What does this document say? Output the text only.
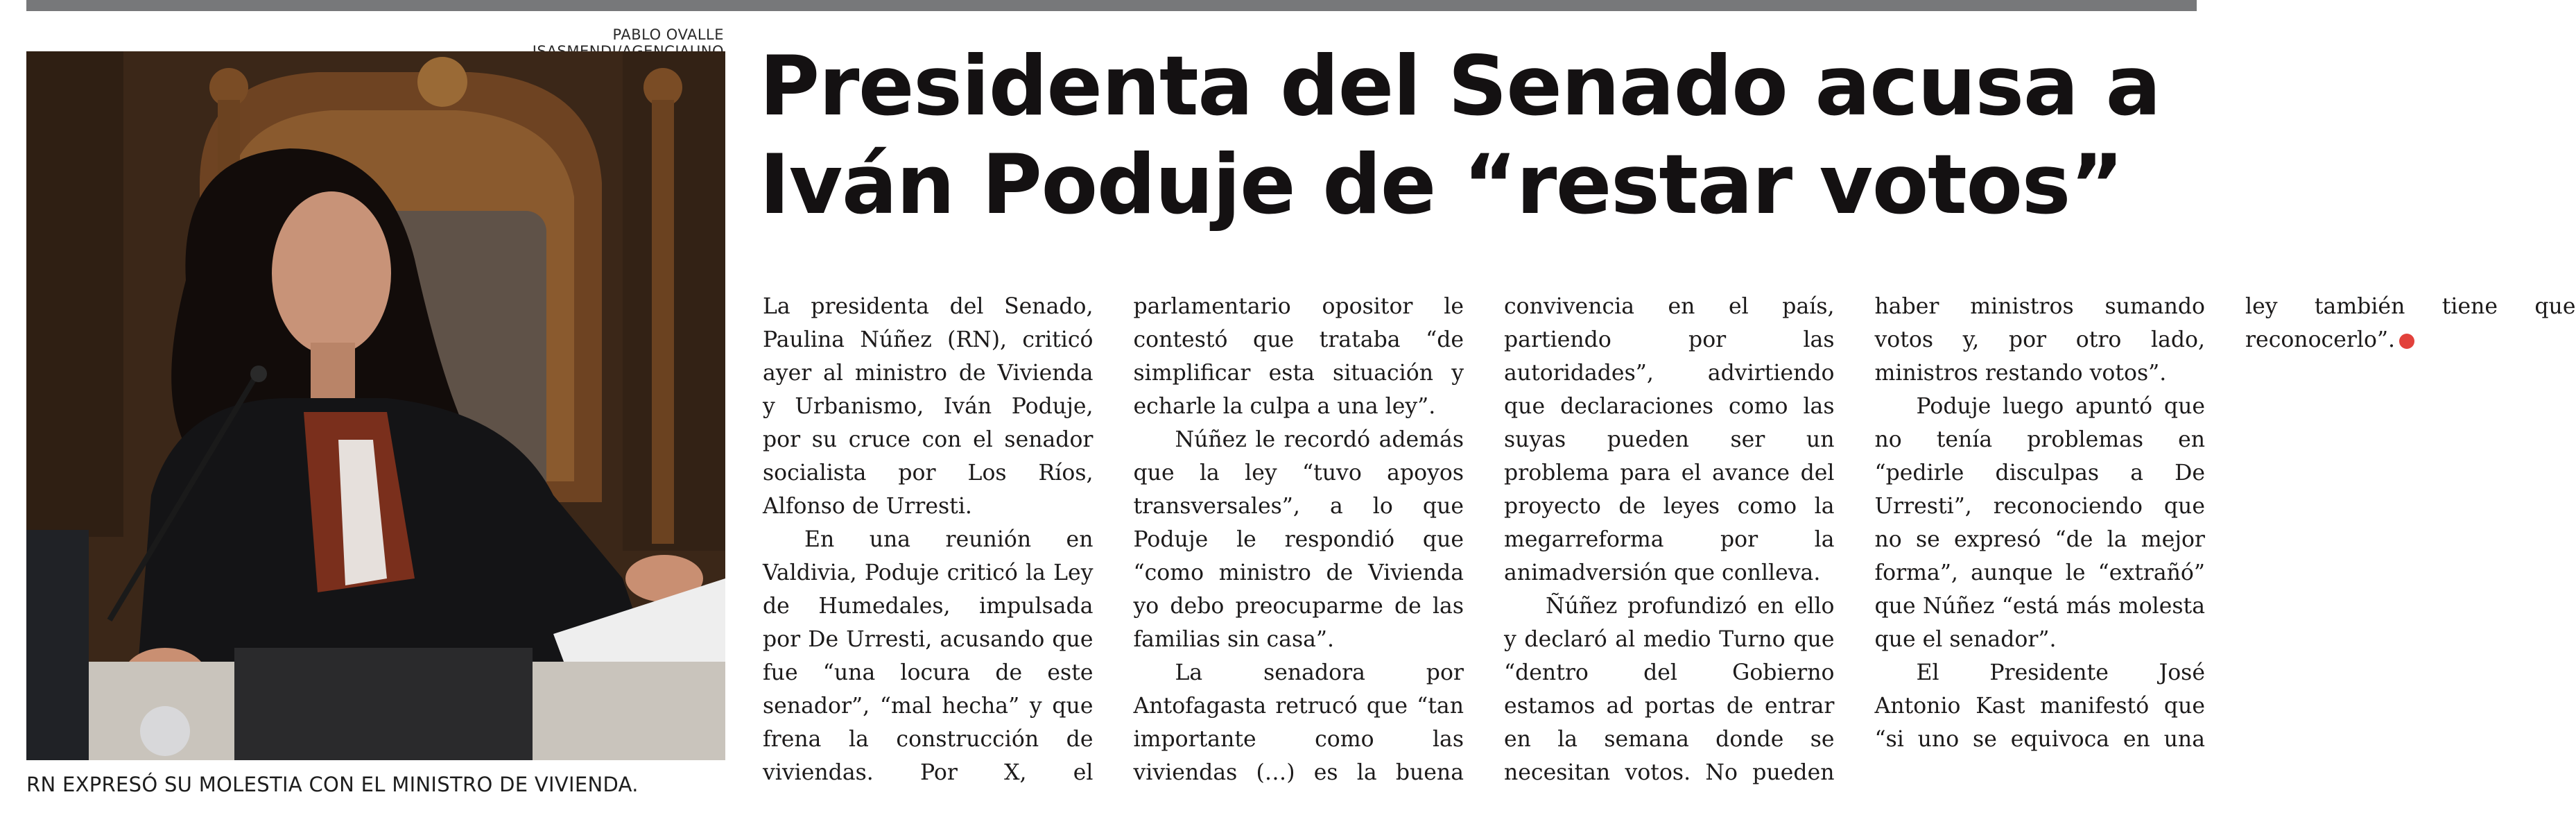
PABLO OVALLE
RN EXPRESÓ SU MOLESTIA CON EL MINISTRO DE VIVIENDA.
Presidenta del Senado acusa a
Iván Poduje de “restar votos”

La presidenta del Senado, Paulina Núñez (RN), criticó ayer al ministro de Vivienda y Urbanismo, Iván Poduje, por su cruce con el senador socialista por Los Ríos, Alfonso de Urresti.

En una reunión en Valdivia, Poduje criticó la Ley de Humedales, impulsada por De Urresti, acusando que fue “una locura de este senador”, “mal hecha” y que frena la construcción de viviendas. Por X, el parlamentario opositor le contestó que trataba “de simplificar esta situación y echarle la culpa a una ley”.

Núñez le recordó además que la ley “tuvo apoyos transversales”, a lo que Poduje le respondió que “como ministro de Vivienda yo debo preocuparme de las familias sin casa”.

La senadora por Antofagasta retrucó que “tan importante como las viviendas (…) es la buena convivencia en el país, partiendo por las autoridades”, advirtiendo que declaraciones como las suyas pueden ser un problema para el avance del proyecto de leyes como la megarreforma por la animadversión que conlleva.

Ñúñez profundizó en ello y declaró al medio Turno que “dentro del Gobierno estamos ad portas de entrar en la semana donde se necesitan votos. No pueden haber ministros sumando votos y, por otro lado, ministros restando votos”.

Poduje luego apuntó que no tenía problemas en “pedirle disculpas a De Urresti”, reconociendo que no se expresó “de la mejor forma”, aunque le “extrañó” que Núñez “está más molesta que el senador”.

El Presidente José Antonio Kast manifestó que “si uno se equivoca en una ley también tiene que reconocerlo”.	✪
